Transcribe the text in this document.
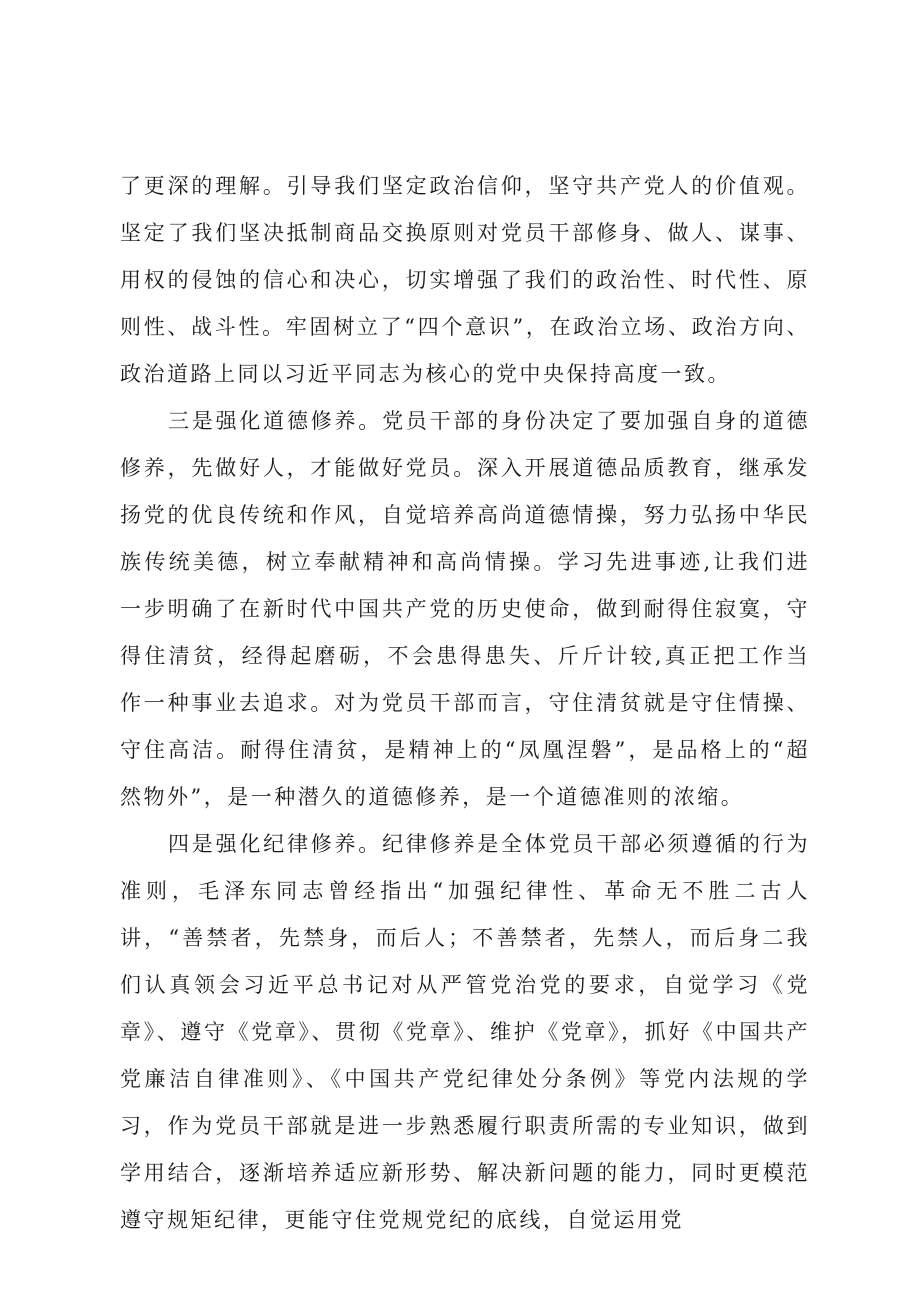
了更深的理解。引导我们坚定政治信仰，坚守共产党人的价值观。坚定了我们坚决抵制商品交换原则对党员干部修身、做人、谋事、用权的侵蚀的信心和决心，切实增强了我们的政治性、时代性、原则性、战斗性。牢固树立了“四个意识”，在政治立场、政治方向、政治道路上同以习近平同志为核心的党中央保持高度一致。

三是强化道德修养。党员干部的身份决定了要加强自身的道德修养，先做好人，才能做好党员。深入开展道德品质教育，继承发扬党的优良传统和作风，自觉培养高尚道德情操，努力弘扬中华民族传统美德，树立奉献精神和高尚情操。学习先进事迹,让我们进一步明确了在新时代中国共产党的历史使命，做到耐得住寂寞，守得住清贫，经得起磨砺，不会患得患失、斤斤计较,真正把工作当作一种事业去追求。对为党员干部而言，守住清贫就是守住情操、守住高洁。耐得住清贫，是精神上的“凤凰涅磐”，是品格上的“超然物外”，是一种潜久的道德修养，是一个道德准则的浓缩。

四是强化纪律修养。纪律修养是全体党员干部必须遵循的行为准则，毛泽东同志曾经指出“加强纪律性、革命无不胜二古人讲，“善禁者，先禁身，而后人；不善禁者，先禁人，而后身二我们认真领会习近平总书记对从严管党治党的要求，自觉学习《党章》、遵守《党章》、贯彻《党章》、维护《党章》，抓好《中国共产党廉洁自律准则》、《中国共产党纪律处分条例》等党内法规的学习，作为党员干部就是进一步熟悉履行职责所需的专业知识，做到学用结合，逐渐培养适应新形势、解决新问题的能力，同时更模范遵守规矩纪律，更能守住党规党纪的底线，自觉运用党
